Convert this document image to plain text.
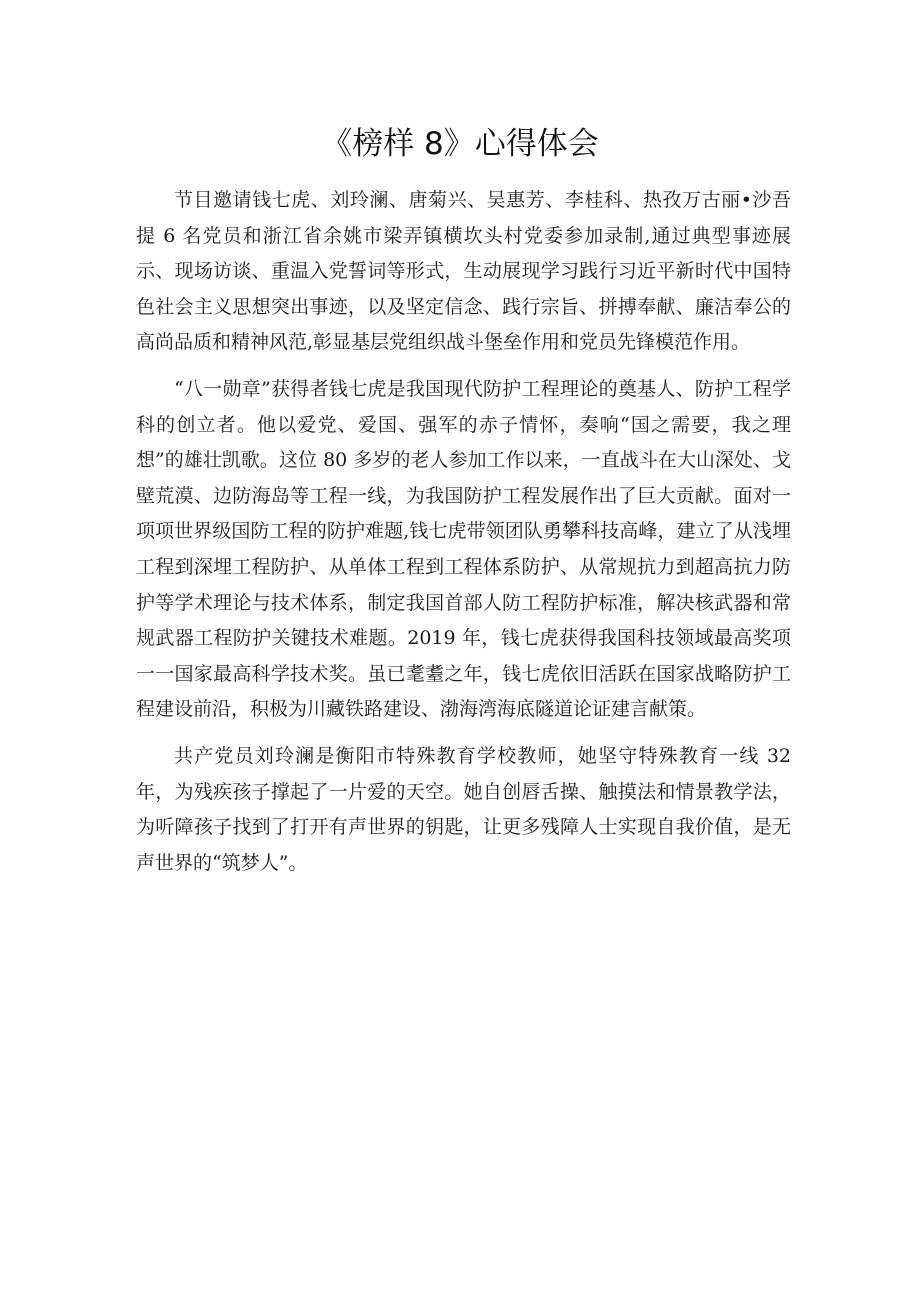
《榜样 8》心得体会

节目邀请钱七虎、刘玲澜、唐菊兴、吴惠芳、李桂科、热孜万古丽•沙吾提 6 名党员和浙江省余姚市梁弄镇横坎头村党委参加录制,通过典型事迹展示、现场访谈、重温入党誓词等形式，生动展现学习践行习近平新时代中国特色社会主义思想突出事迹，以及坚定信念、践行宗旨、拼搏奉献、廉洁奉公的高尚品质和精神风范,彰显基层党组织战斗堡垒作用和党员先锋模范作用。

“八一勋章”获得者钱七虎是我国现代防护工程理论的奠基人、防护工程学科的创立者。他以爱党、爱国、强军的赤子情怀，奏响“国之需要，我之理想”的雄壮凯歌。这位 80 多岁的老人参加工作以来，一直战斗在大山深处、戈壁荒漠、边防海岛等工程一线，为我国防护工程发展作出了巨大贡献。面对一项项世界级国防工程的防护难题,钱七虎带领团队勇攀科技高峰，建立了从浅埋工程到深埋工程防护、从单体工程到工程体系防护、从常规抗力到超高抗力防护等学术理论与技术体系，制定我国首部人防工程防护标准，解决核武器和常规武器工程防护关键技术难题。2019 年，钱七虎获得我国科技领域最高奖项一一国家最高科学技术奖。虽已耄耋之年，钱七虎依旧活跃在国家战略防护工程建设前沿，积极为川藏铁路建设、渤海湾海底隧道论证建言献策。

共产党员刘玲澜是衡阳市特殊教育学校教师，她坚守特殊教育一线 32 年，为残疾孩子撑起了一片爱的天空。她自创唇舌操、触摸法和情景教学法，为听障孩子找到了打开有声世界的钥匙，让更多残障人士实现自我价值，是无声世界的“筑梦人”。
